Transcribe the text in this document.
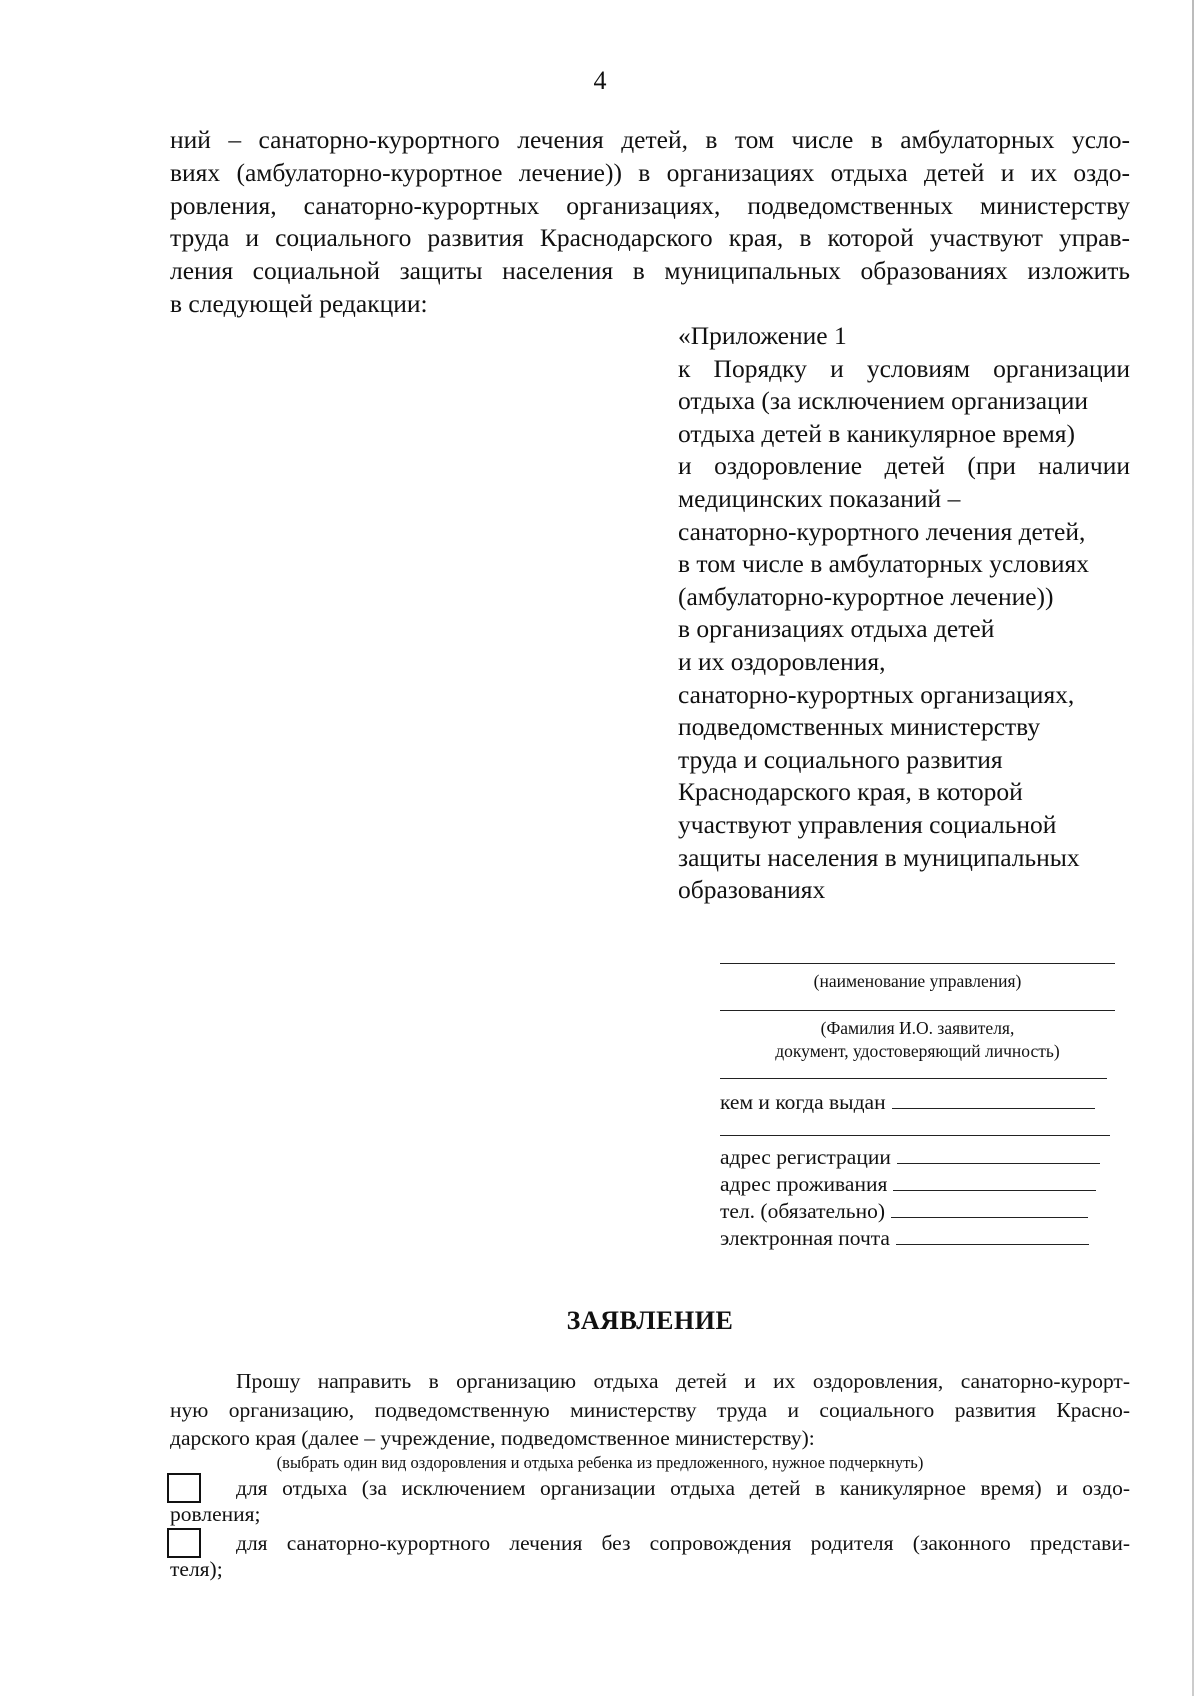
4
ний – санаторно-курортного лечения детей, в том числе в амбулаторных усло-
виях (амбулаторно-курортное лечение)) в организациях отдыха детей и их оздо-
ровления, санаторно-курортных организациях, подведомственных министерству
труда и социального развития Краснодарского края, в которой участвуют управ-
ления социальной защиты населения в муниципальных образованиях изложить
в следующей редакции:
«Приложение 1
к Порядку и условиям организации
отдыха (за исключением организации
отдыха детей в каникулярное время)
и оздоровление детей (при наличии
медицинских показаний –
санаторно-курортного лечения детей,
в том числе в амбулаторных условиях
(амбулаторно-курортное лечение))
в организациях отдыха детей
и их оздоровления,
санаторно-курортных организациях,
подведомственных министерству
труда и социального развития
Краснодарского края, в которой
участвуют управления социальной
защиты населения в муниципальных
образованиях
(наименование управления)
(Фамилия И.О. заявителя,
документ, удостоверяющий личность)
кем и когда выдан
адрес регистрации
адрес проживания
тел. (обязательно)
электронная почта
ЗАЯВЛЕНИЕ
Прошу направить в организацию отдыха детей и их оздоровления, санаторно-курорт-
ную организацию, подведомственную министерству труда и социального развития Красно-
дарского края (далее – учреждение, подведомственное министерству):
(выбрать один вид оздоровления и отдыха ребенка из предложенного, нужное подчеркнуть)
для отдыха (за исключением организации отдыха детей в каникулярное время) и оздо-
ровления;
для санаторно-курортного лечения без сопровождения родителя (законного представи-
теля);
